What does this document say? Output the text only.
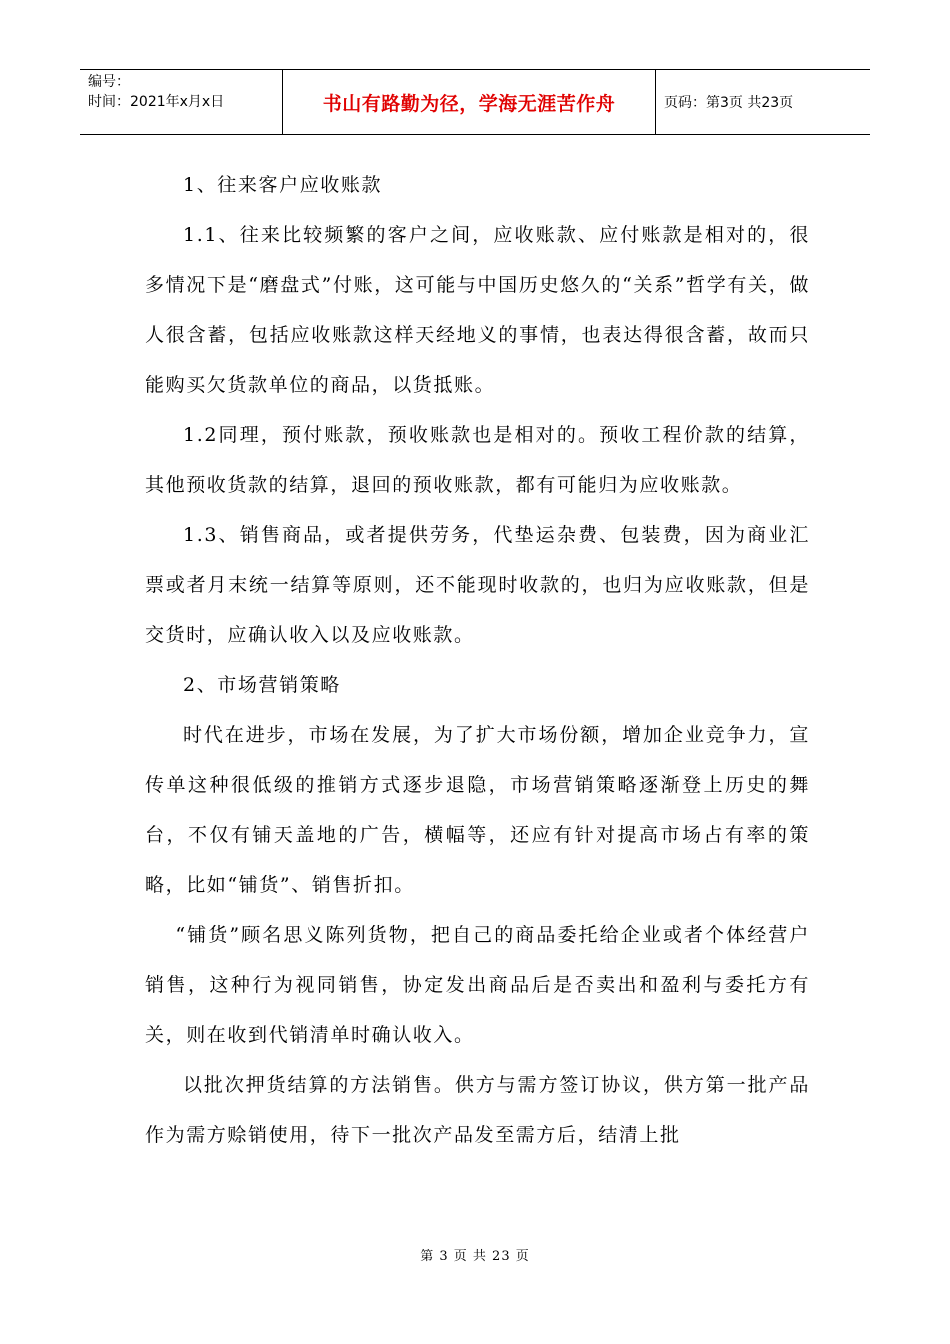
编号：
时间：2021年x月x日	书山有路勤为径，学海无涯苦作舟	页码：第3页 共23页

1、往来客户应收账款

1.1、往来比较频繁的客户之间，应收账款、应付账款是相对的，很多情况下是“磨盘式”付账，这可能与中国历史悠久的“关系”哲学有关，做人很含蓄，包括应收账款这样天经地义的事情，也表达得很含蓄，故而只能购买欠货款单位的商品，以货抵账。

1.2同理，预付账款，预收账款也是相对的。预收工程价款的结算，其他预收货款的结算，退回的预收账款，都有可能归为应收账款。

1.3、销售商品，或者提供劳务，代垫运杂费、包装费，因为商业汇票或者月末统一结算等原则，还不能现时收款的，也归为应收账款，但是交货时，应确认收入以及应收账款。

2、市场营销策略

时代在进步，市场在发展，为了扩大市场份额，增加企业竞争力，宣传单这种很低级的推销方式逐步退隐，市场营销策略逐渐登上历史的舞台，不仅有铺天盖地的广告，横幅等，还应有针对提高市场占有率的策略，比如“铺货”、销售折扣。

“铺货”顾名思义陈列货物，把自己的商品委托给企业或者个体经营户销售，这种行为视同销售，协定发出商品后是否卖出和盈利与委托方有关，则在收到代销清单时确认收入。

以批次押货结算的方法销售。供方与需方签订协议，供方第一批产品作为需方赊销使用，待下一批次产品发至需方后，结清上批

第 3 页 共 23 页
